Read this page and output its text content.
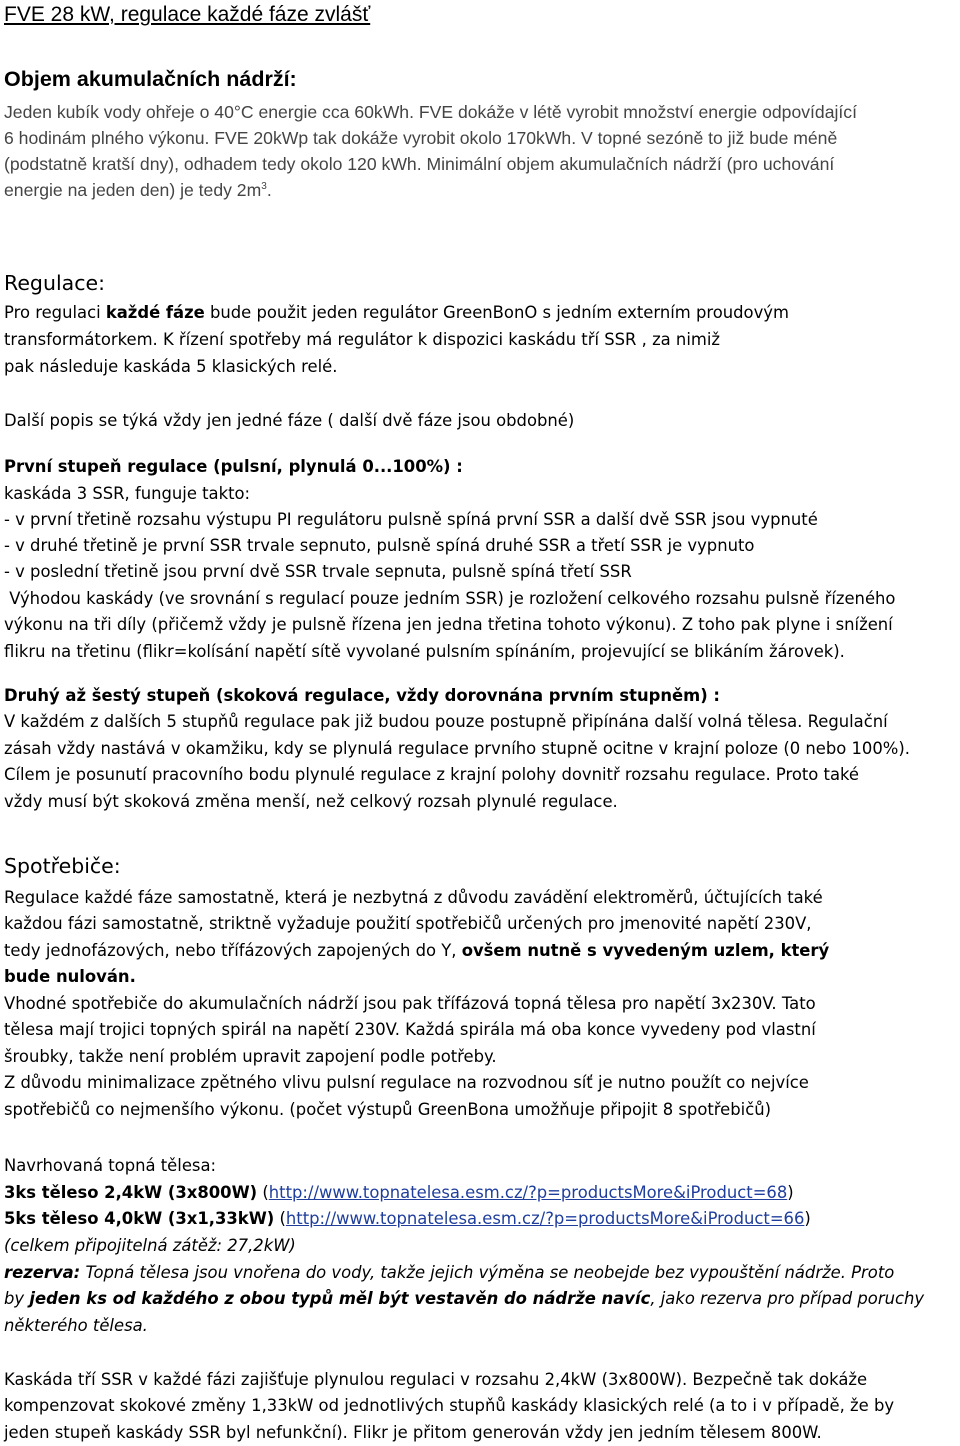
FVE 28 kW, regulace každé fáze zvlášť
Objem akumulačních nádrží:
Jeden kubík vody ohřeje o 40°C energie cca 60kWh. FVE dokáže v létě vyrobit množství energie odpovídající
6 hodinám plného výkonu. FVE 20kWp tak dokáže vyrobit okolo 170kWh. V topné sezóně to již bude méně
(podstatně kratší dny), odhadem tedy okolo 120 kWh. Minimální objem akumulačních nádrží (pro uchování
energie na jeden den) je tedy $2m^3$.
Regulace:
Pro regulaci každé fáze bude použit jeden regulátor GreenBonO s jedním externím proudovým
transformátorkem. K řízení spotřeby má regulátor k dispozici kaskádu tří SSR , za nimiž
pak následuje kaskáda 5 klasických relé.
Další popis se týká vždy jen jedné fáze ( další dvě fáze jsou obdobné)
První stupeň regulace (pulsní, plynulá 0...100%) :
kaskáda 3 SSR, funguje takto:
- v první třetině rozsahu výstupu PI regulátoru pulsně spíná první SSR a další dvě SSR jsou vypnuté
- v druhé třetině je první SSR trvale sepnuto, pulsně spíná druhé SSR a třetí SSR je vypnuto
- v poslední třetině jsou první dvě SSR trvale sepnuta, pulsně spíná třetí SSR
Výhodou kaskády (ve srovnání s regulací pouze jedním SSR) je rozložení celkového rozsahu pulsně řízeného
výkonu na tři díly (přičemž vždy je pulsně řízena jen jedna třetina tohoto výkonu). Z toho pak plyne i snížení
flikru na třetinu (flikr=kolísání napětí sítě vyvolané pulsním spínáním, projevující se blikáním žárovek).
Druhý až šestý stupeň (skoková regulace, vždy dorovnána prvním stupněm) :
V každém z dalších 5 stupňů regulace pak již budou pouze postupně připínána další volná tělesa. Regulační
zásah vždy nastává v okamžiku, kdy se plynulá regulace prvního stupně ocitne v krajní poloze (0 nebo 100%).
Cílem je posunutí pracovního bodu plynulé regulace z krajní polohy dovnitř rozsahu regulace. Proto také
vždy musí být skoková změna menší, než celkový rozsah plynulé regulace.
Spotřebiče:
Regulace každé fáze samostatně, která je nezbytná z důvodu zavádění elektroměrů, účtujících také
každou fázi samostatně, striktně vyžaduje použití spotřebičů určených pro jmenovité napětí 230V,
tedy jednofázových, nebo třífázových zapojených do Y, ovšem nutně s vyvedeným uzlem, který
bude nulován.
Vhodné spotřebiče do akumulačních nádrží jsou pak třífázová topná tělesa pro napětí 3x230V. Tato
tělesa mají trojici topných spirál na napětí 230V. Každá spirála má oba konce vyvedeny pod vlastní
šroubky, takže není problém upravit zapojení podle potřeby.
Z důvodu minimalizace zpětného vlivu pulsní regulace na rozvodnou síť je nutno použít co nejvíce
spotřebičů co nejmenšího výkonu. (počet výstupů GreenBona umožňuje připojit 8 spotřebičů)
Navrhovaná topná tělesa:
3ks těleso 2,4kW (3x800W) (http://www.topnatelesa.esm.cz/?p=productsMore&iProduct=68)
5ks těleso 4,0kW (3x1,33kW) (http://www.topnatelesa.esm.cz/?p=productsMore&iProduct=66)
(celkem připojitelná zátěž: 27,2kW)
rezerva: Topná tělesa jsou vnořena do vody, takže jejich výměna se neobejde bez vypouštění nádrže. Proto
by jeden ks od každého z obou typů měl být vestavěn do nádrže navíc, jako rezerva pro případ poruchy
některého tělesa.
Kaskáda tří SSR v každé fázi zajišťuje plynulou regulaci v rozsahu 2,4kW (3x800W). Bezpečně tak dokáže
kompenzovat skokové změny 1,33kW od jednotlivých stupňů kaskády klasických relé (a to i v případě, že by
jeden stupeň kaskády SSR byl nefunkční). Flikr je přitom generován vždy jen jedním tělesem 800W.
